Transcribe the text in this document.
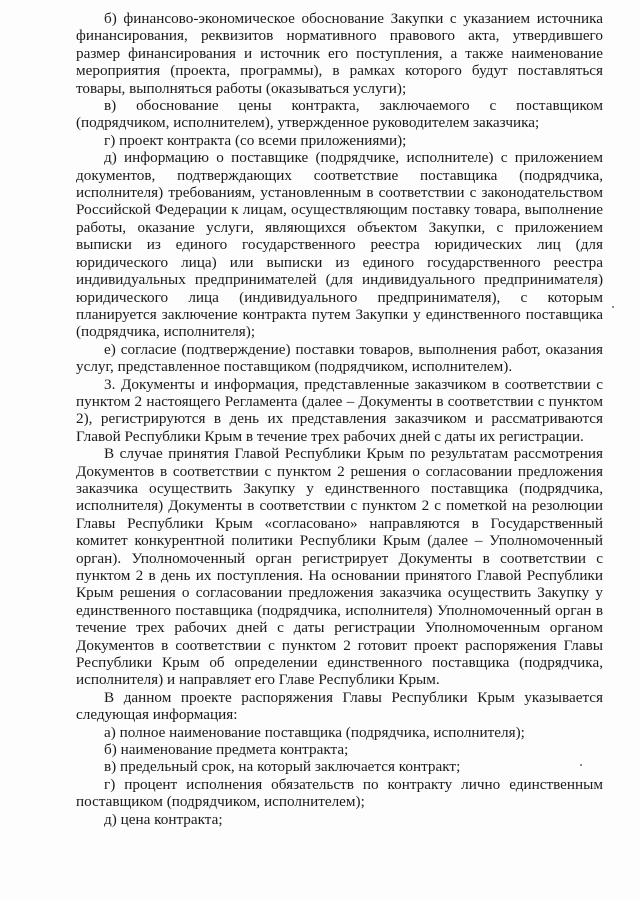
б) финансово-экономическое обоснование Закупки с указанием источника финансирования, реквизитов нормативного правового акта, утвердившего размер финансирования и источник его поступления, а также наименование мероприятия (проекта, программы), в рамках которого будут поставляться товары, выполняться работы (оказываться услуги);

в) обоснование цены контракта, заключаемого с поставщиком (подрядчиком, исполнителем), утвержденное руководителем заказчика;

г) проект контракта (со всеми приложениями);

д) информацию о поставщике (подрядчике, исполнителе) с приложением документов, подтверждающих соответствие поставщика (подрядчика, исполнителя) требованиям, установленным в соответствии с законодательством Российской Федерации к лицам, осуществляющим поставку товара, выполнение работы, оказание услуги, являющихся объектом Закупки, с приложением выписки из единого государственного реестра юридических лиц (для юридического лица) или выписки из единого государственного реестра индивидуальных предпринимателей (для индивидуального предпринимателя) юридического лица (индивидуального предпринимателя), с которым планируется заключение контракта путем Закупки у единственного поставщика (подрядчика, исполнителя);

е) согласие (подтверждение) поставки товаров, выполнения работ, оказания услуг, представленное поставщиком (подрядчиком, исполнителем).

3. Документы и информация, представленные заказчиком в соответствии с пунктом 2 настоящего Регламента (далее – Документы в соответствии с пунктом 2), регистрируются в день их представления заказчиком и рассматриваются Главой Республики Крым в течение трех рабочих дней с даты их регистрации.

В случае принятия Главой Республики Крым по результатам рассмотрения Документов в соответствии с пунктом 2 решения о согласовании предложения заказчика осуществить Закупку у единственного поставщика (подрядчика, исполнителя) Документы в соответствии с пунктом 2 с пометкой на резолюции Главы Республики Крым «согласовано» направляются в Государственный комитет конкурентной политики Республики Крым (далее – Уполномоченный орган). Уполномоченный орган регистрирует Документы в соответствии с пунктом 2 в день их поступления. На основании принятого Главой Республики Крым решения о согласовании предложения заказчика осуществить Закупку у единственного поставщика (подрядчика, исполнителя) Уполномоченный орган в течение трех рабочих дней с даты регистрации Уполномоченным органом Документов в соответствии с пунктом 2 готовит проект распоряжения Главы Республики Крым об определении единственного поставщика (подрядчика, исполнителя) и направляет его Главе Республики Крым.

В данном проекте распоряжения Главы Республики Крым указывается следующая информация:

а) полное наименование поставщика (подрядчика, исполнителя);

б) наименование предмета контракта;

в) предельный срок, на который заключается контракт;

г) процент исполнения обязательств по контракту лично единственным поставщиком (подрядчиком, исполнителем);

д) цена контракта;
